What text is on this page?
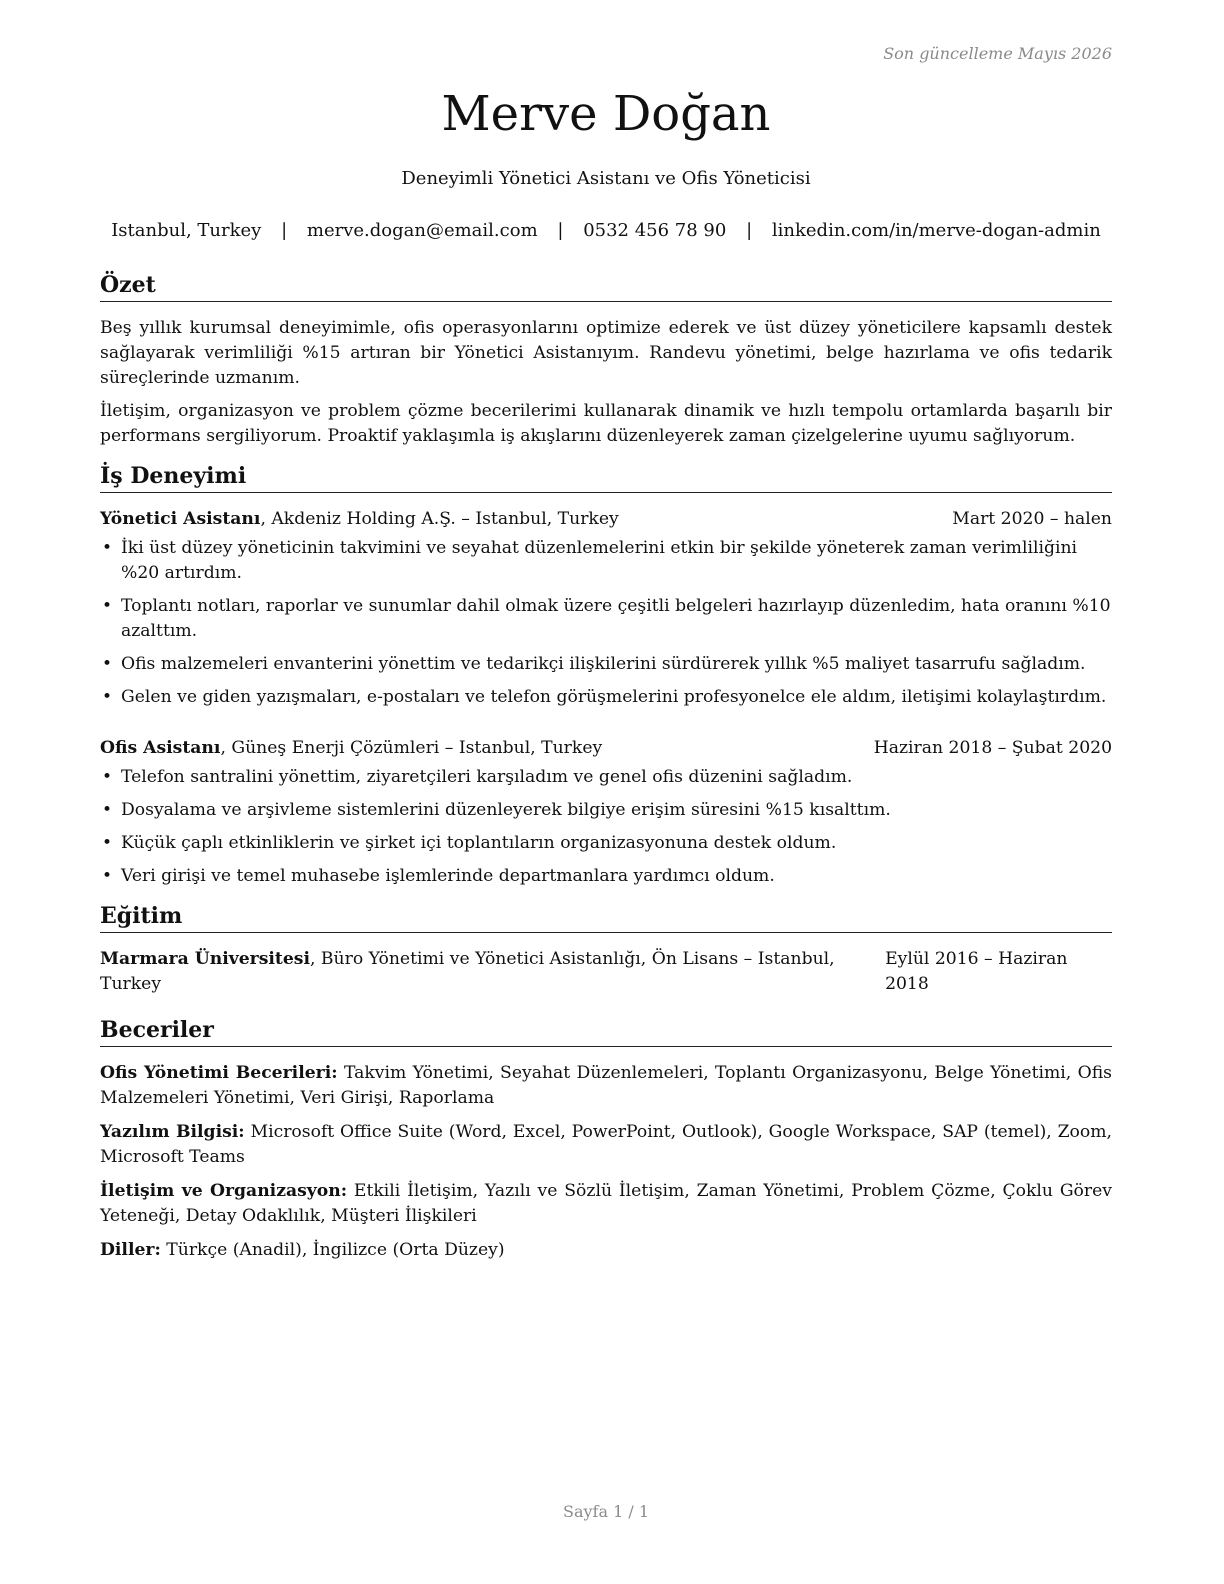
Son güncelleme Mayıs 2026
Merve Doğan
Deneyimli Yönetici Asistanı ve Ofis Yöneticisi
Istanbul, Turkey | merve.dogan@email.com | 0532 456 78 90 | linkedin.com/in/merve-dogan-admin
Özet

Beş yıllık kurumsal deneyimimle, ofis operasyonlarını optimize ederek ve üst düzey yöneticilere kapsamlı destek sağlayarak verimliliği %15 artıran bir Yönetici Asistanıyım. Randevu yönetimi, belge hazırlama ve ofis tedarik süreçlerinde uzmanım.

İletişim, organizasyon ve problem çözme becerilerimi kullanarak dinamik ve hızlı tempolu ortamlarda başarılı bir performans sergiliyorum. Proaktif yaklaşımla iş akışlarını düzenleyerek zaman çizelgelerine uyumu sağlıyorum.

İş Deneyimi
Yönetici Asistanı, Akdeniz Holding A.Ş. – Istanbul, Turkey	Mart 2020 – halen
• İki üst düzey yöneticinin takvimini ve seyahat düzenlemelerini etkin bir şekilde yöneterek zaman verimliliğini %20 artırdım.
• Toplantı notları, raporlar ve sunumlar dahil olmak üzere çeşitli belgeleri hazırlayıp düzenledim, hata oranını %10 azalttım.
• Ofis malzemeleri envanterini yönettim ve tedarikçi ilişkilerini sürdürerek yıllık %5 maliyet tasarrufu sağladım.
• Gelen ve giden yazışmaları, e-postaları ve telefon görüşmelerini profesyonelce ele aldım, iletişimi kolaylaştırdım.
Ofis Asistanı, Güneş Enerji Çözümleri – Istanbul, Turkey	Haziran 2018 – Şubat 2020
• Telefon santralini yönettim, ziyaretçileri karşıladım ve genel ofis düzenini sağladım.
• Dosyalama ve arşivleme sistemlerini düzenleyerek bilgiye erişim süresini %15 kısalttım.
• Küçük çaplı etkinliklerin ve şirket içi toplantıların organizasyonuna destek oldum.
• Veri girişi ve temel muhasebe işlemlerinde departmanlara yardımcı oldum.
Eğitim
Marmara Üniversitesi, Büro Yönetimi ve Yönetici Asistanlığı, Ön Lisans – Istanbul, Turkey
Eylül 2016 – Haziran 2018
Beceriler
Ofis Yönetimi Becerileri: Takvim Yönetimi, Seyahat Düzenlemeleri, Toplantı Organizasyonu, Belge Yönetimi, Ofis Malzemeleri Yönetimi, Veri Girişi, Raporlama
Yazılım Bilgisi: Microsoft Office Suite (Word, Excel, PowerPoint, Outlook), Google Workspace, SAP (temel), Zoom, Microsoft Teams
İletişim ve Organizasyon: Etkili İletişim, Yazılı ve Sözlü İletişim, Zaman Yönetimi, Problem Çözme, Çoklu Görev Yeteneği, Detay Odaklılık, Müşteri İlişkileri
Diller: Türkçe (Anadil), İngilizce (Orta Düzey)
Sayfa 1 / 1
